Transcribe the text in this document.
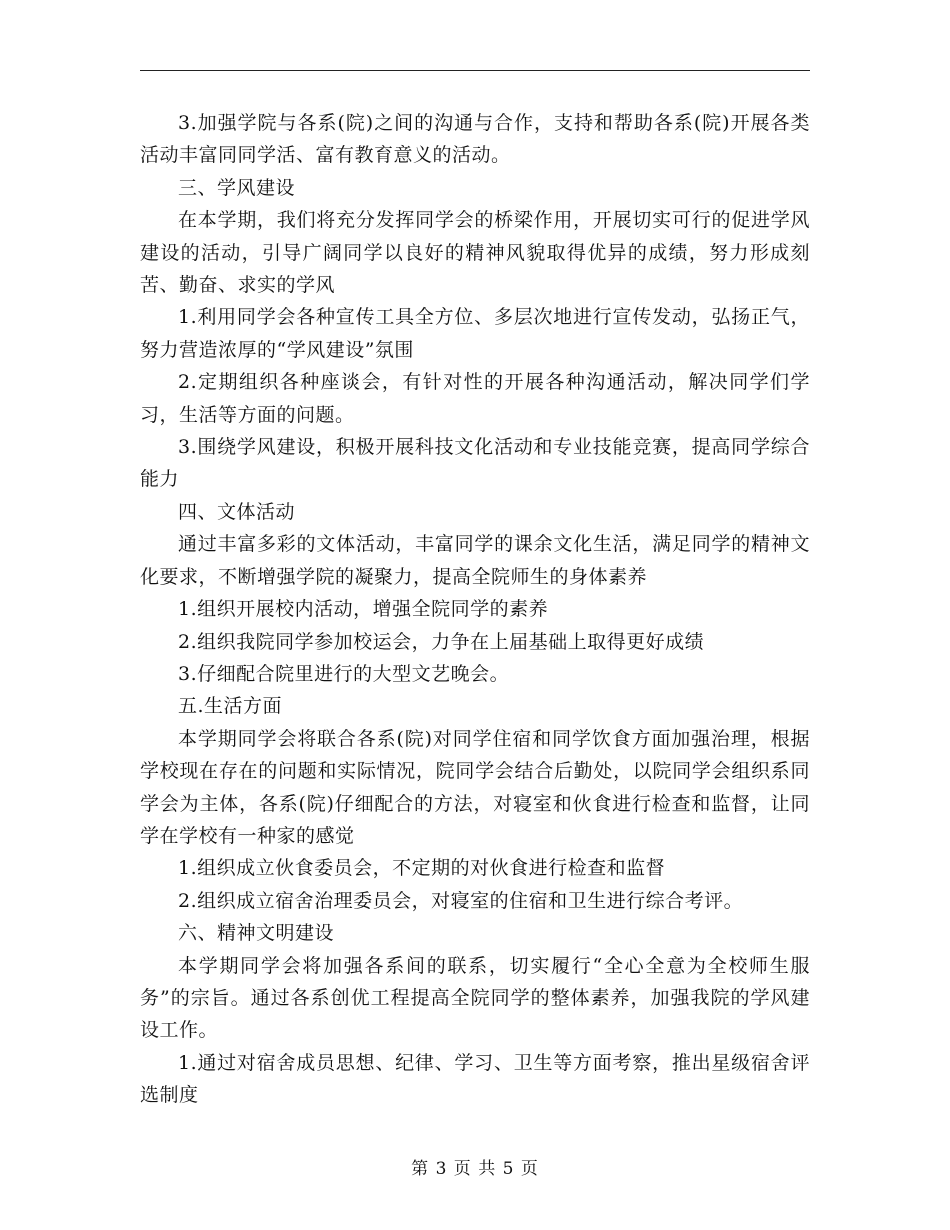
3.加强学院与各系(院)之间的沟通与合作，支持和帮助各系(院)开展各类活动丰富同同学活、富有教育意义的活动。

三、学风建设

在本学期，我们将充分发挥同学会的桥梁作用，开展切实可行的促进学风建设的活动，引导广阔同学以良好的精神风貌取得优异的成绩，努力形成刻苦、勤奋、求实的学风

1.利用同学会各种宣传工具全方位、多层次地进行宣传发动，弘扬正气，努力营造浓厚的“学风建设”氛围

2.定期组织各种座谈会，有针对性的开展各种沟通活动，解决同学们学习，生活等方面的问题。

3.围绕学风建设，积极开展科技文化活动和专业技能竞赛，提高同学综合能力

四、文体活动

通过丰富多彩的文体活动，丰富同学的课余文化生活，满足同学的精神文化要求，不断增强学院的凝聚力，提高全院师生的身体素养

1.组织开展校内活动，增强全院同学的素养

2.组织我院同学参加校运会，力争在上届基础上取得更好成绩

3.仔细配合院里进行的大型文艺晚会。

五.生活方面

本学期同学会将联合各系(院)对同学住宿和同学饮食方面加强治理，根据学校现在存在的问题和实际情况，院同学会结合后勤处，以院同学会组织系同学会为主体，各系(院)仔细配合的方法，对寝室和伙食进行检查和监督，让同学在学校有一种家的感觉

1.组织成立伙食委员会，不定期的对伙食进行检查和监督

2.组织成立宿舍治理委员会，对寝室的住宿和卫生进行综合考评。

六、精神文明建设

本学期同学会将加强各系间的联系，切实履行“全心全意为全校师生服务”的宗旨。通过各系创优工程提高全院同学的整体素养，加强我院的学风建设工作。

1.通过对宿舍成员思想、纪律、学习、卫生等方面考察，推出星级宿舍评选制度

第 3 页 共 5 页
